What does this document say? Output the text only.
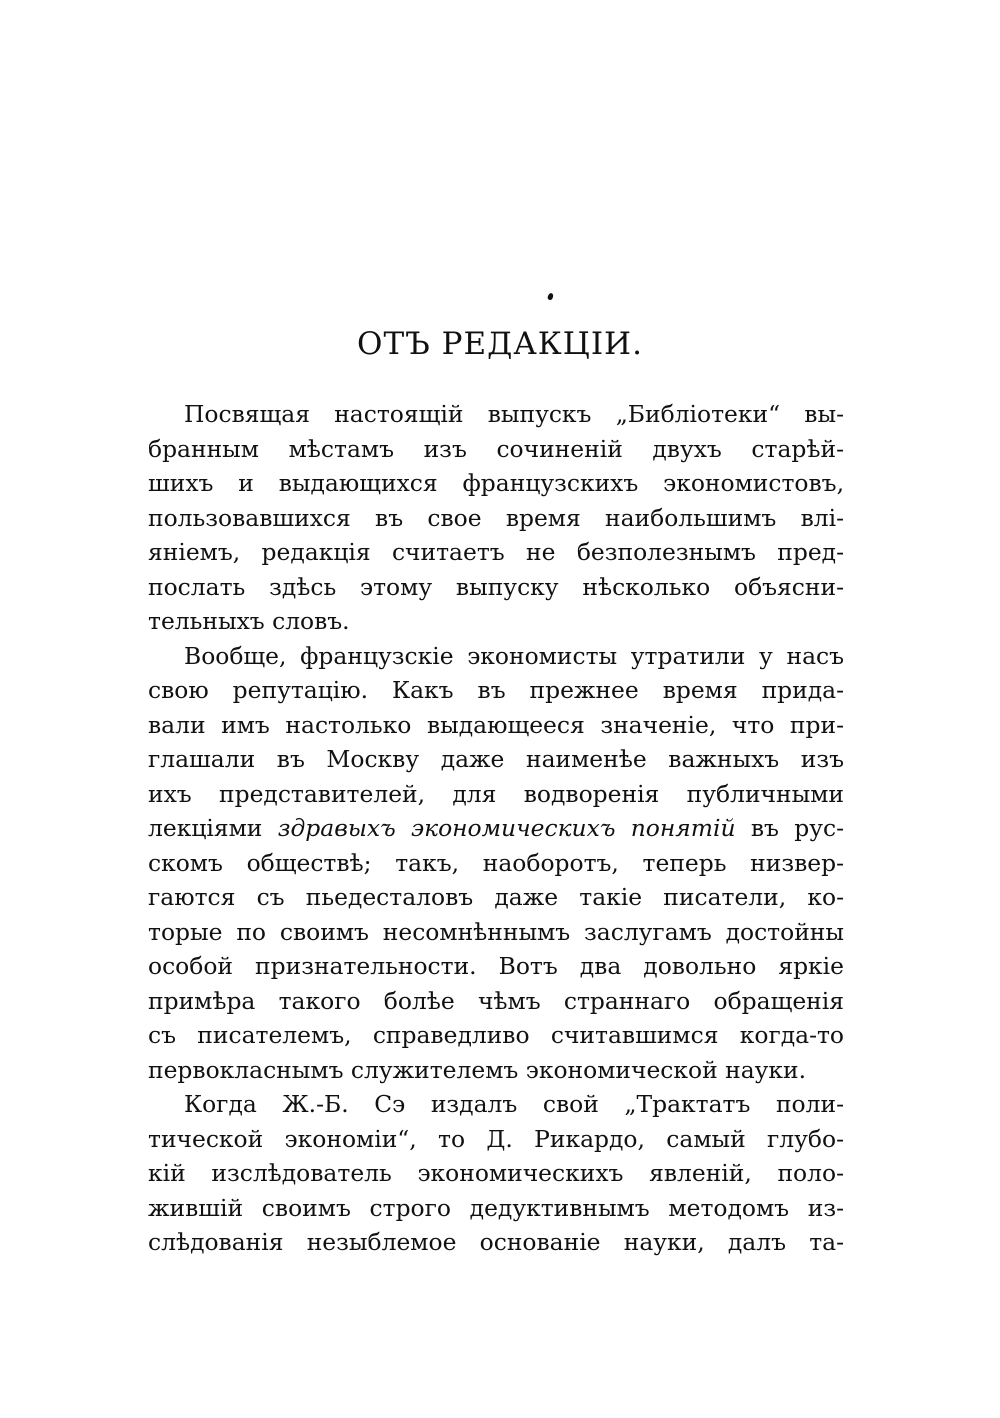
ОТЪ РЕДАКЦІИ.
Посвящая настоящій выпускъ „Библіотеки“ вы-
бранным мѣстамъ изъ сочиненій двухъ старѣй-
шихъ и выдающихся французскихъ экономистовъ,
пользовавшихся въ свое время наибольшимъ влі-
яніемъ, редакція считаетъ не безполезнымъ пред-
послать здѣсь этому выпуску нѣсколько объясни-
тельныхъ словъ.
Вообще, французскіе экономисты утратили у насъ
свою репутацію. Какъ въ прежнее время прида-
вали имъ настолько выдающееся значеніе, что при-
глашали въ Москву даже наименѣе важныхъ изъ
ихъ представителей, для водворенія публичными
лекціями здравыхъ экономическихъ понятій въ рус-
скомъ обществѣ; такъ, наоборотъ, теперь низвер-
гаются съ пьедесталовъ даже такіе писатели, ко-
торые по своимъ несомнѣннымъ заслугамъ достойны
особой признательности. Вотъ два довольно яркіе
примѣра такого болѣе чѣмъ страннаго обращенія
съ писателемъ, справедливо считавшимся когда-то
первокласнымъ служителемъ экономической науки.
Когда Ж.-Б. Сэ издалъ свой „Трактатъ поли-
тической экономіи“, то Д. Рикардо, самый глубо-
кій изслѣдователь экономическихъ явленій, поло-
жившій своимъ строго дедуктивнымъ методомъ из-
слѣдованія незыблемое основаніе науки, далъ та-
